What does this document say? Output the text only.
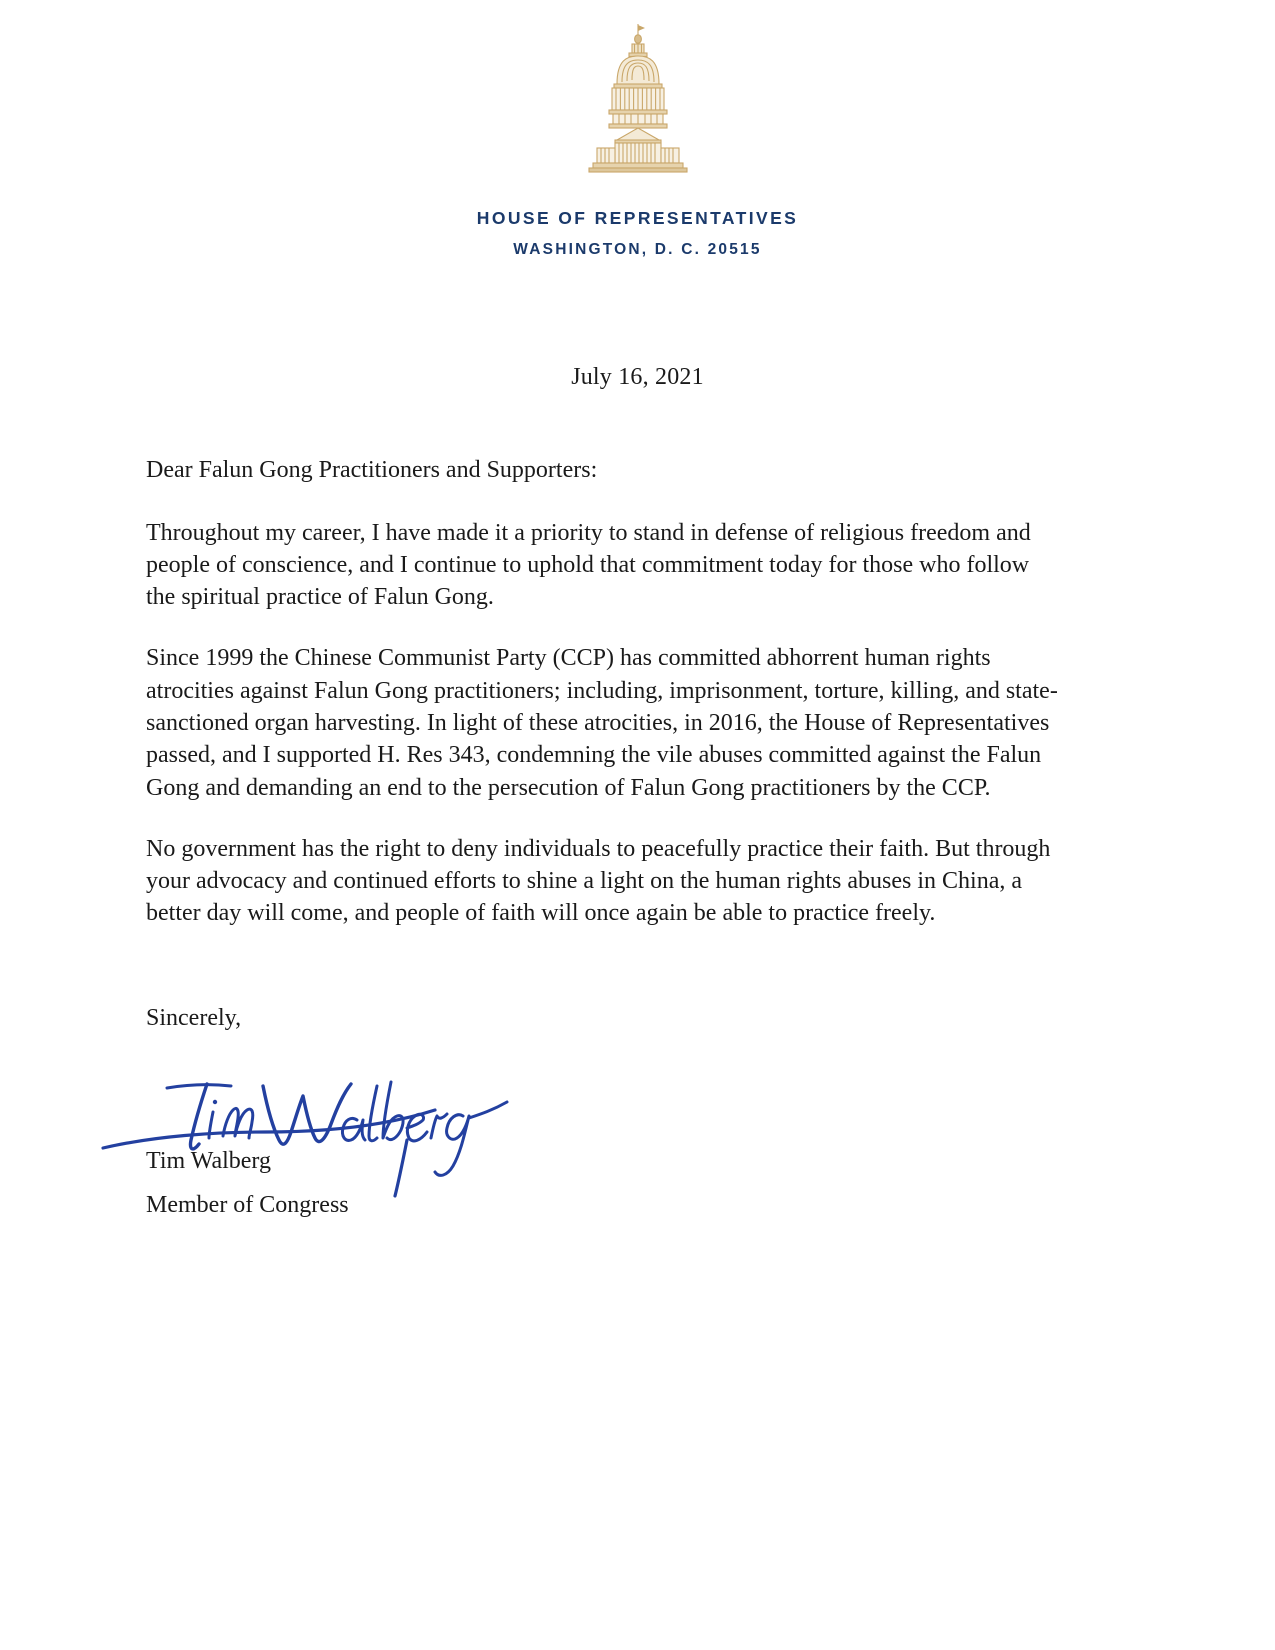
HOUSE OF REPRESENTATIVES
WASHINGTON, D. C. 20515
July 16, 2021

Dear Falun Gong Practitioners and Supporters:

Throughout my career, I have made it a priority to stand in defense of religious freedom and people of conscience, and I continue to uphold that commitment today for those who follow the spiritual practice of Falun Gong.

Since 1999 the Chinese Communist Party (CCP) has committed abhorrent human rights atrocities against Falun Gong practitioners; including, imprisonment, torture, killing, and state-sanctioned organ harvesting. In light of these atrocities, in 2016, the House of Representatives passed, and I supported H. Res 343, condemning the vile abuses committed against the Falun Gong and demanding an end to the persecution of Falun Gong practitioners by the CCP.

No government has the right to deny individuals to peacefully practice their faith. But through your advocacy and continued efforts to shine a light on the human rights abuses in China, a better day will come, and people of faith will once again be able to practice freely.

Sincerely,

Tim Walberg
Member of Congress
